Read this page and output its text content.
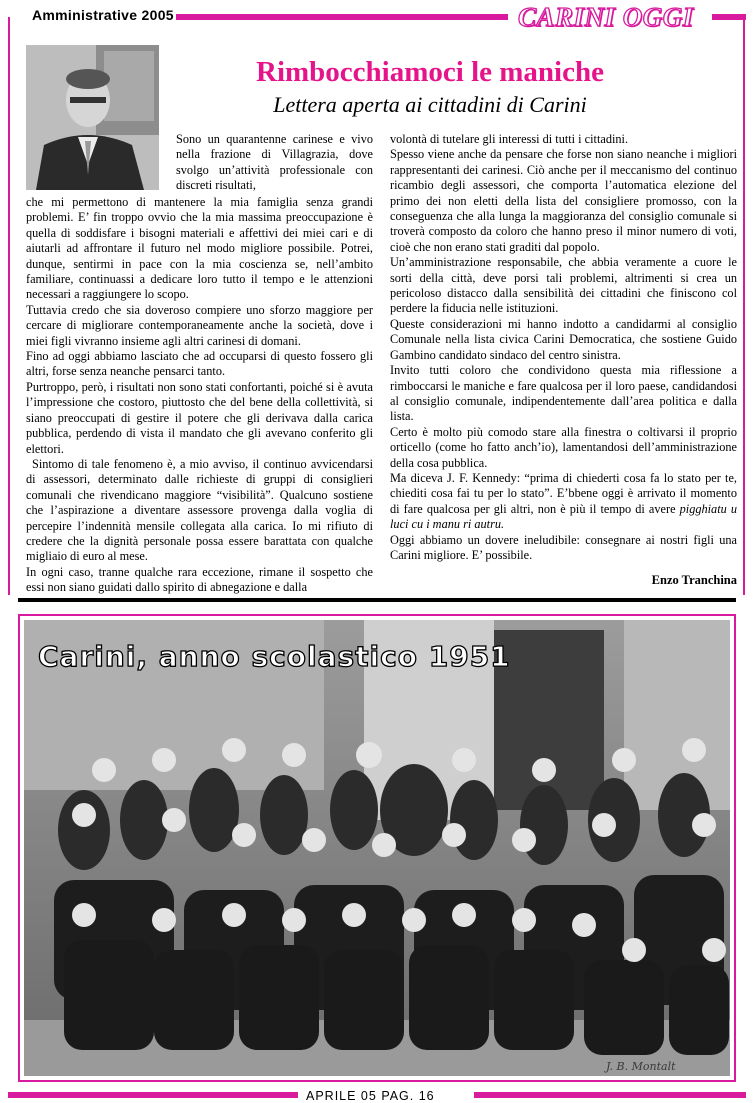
Amministrative 2005	CARINI OGGI
Rimbocchiamoci le maniche
Lettera aperta ai cittadini di Carini

Sono un quarantenne carinese e vivo nella frazione di Villagrazia, dove svolgo un’attività professionale con discreti risultati,

che mi permettono di mantenere la mia famiglia senza grandi problemi. E’ fin troppo ovvio che la mia massima preoccupazione è quella di soddisfare i bisogni materiali e affettivi dei miei cari e di aiutarli ad affrontare il futuro nel modo migliore possibile. Potrei, dunque, sentirmi in pace con la mia coscienza se, nell’ambito familiare, continuassi a dedicare loro tutto il tempo e le attenzioni necessari a raggiungere lo scopo.

Tuttavia credo che sia doveroso compiere uno sforzo maggiore per cercare di migliorare contemporaneamente anche la società, dove i miei figli vivranno insieme agli altri carinesi di domani.

Fino ad oggi abbiamo lasciato che ad occuparsi di questo fossero gli altri, forse senza neanche pensarci tanto.

Purtroppo, però, i risultati non sono stati confortanti, poiché si è avuta l’impressione che costoro, piuttosto che del bene della collettività, si siano preoccupati di gestire il potere che gli derivava dalla carica pubblica, perdendo di vista il mandato che gli avevano conferito gli elettori.

Sintomo di tale fenomeno è, a mio avviso, il continuo avvicendarsi di assessori, determinato dalle richieste di gruppi di consiglieri comunali che rivendicano maggiore “visibilità”. Qualcuno sostiene che l’aspirazione a diventare assessore provenga dalla voglia di percepire l’indennità mensile collegata alla carica. Io mi rifiuto di credere che la dignità personale possa essere barattata con qualche migliaio di euro al mese.

In ogni caso, tranne qualche rara eccezione, rimane il sospetto che essi non siano guidati dallo spirito di abnegazione e dalla

volontà di tutelare gli interessi di tutti i cittadini.

Spesso viene anche da pensare che forse non siano neanche i migliori rappresentanti dei carinesi. Ciò anche per il meccanismo del continuo ricambio degli assessori, che comporta l’automatica elezione del primo dei non eletti della lista del consigliere promosso, con la conseguenza che alla lunga la maggioranza del consiglio comunale si troverà composto da coloro che hanno preso il minor numero di voti, cioè che non erano stati graditi dal popolo.

Un’amministrazione responsabile, che abbia veramente a cuore le sorti della città, deve porsi tali problemi, altrimenti si crea un pericoloso distacco dalla sensibilità dei cittadini che finiscono col perdere la fiducia nelle istituzioni.

Queste considerazioni mi hanno indotto a candidarmi al consiglio Comunale nella lista civica Carini Democratica, che sostiene Guido Gambino candidato sindaco del centro sinistra.

Invito tutti coloro che condividono questa mia riflessione a rimboccarsi le maniche e fare qualcosa per il loro paese, candidandosi al consiglio comunale, indipendentemente dall’area politica e dalla lista.

Certo è molto più comodo stare alla finestra o coltivarsi il proprio orticello (come ho fatto anch’io), lamentandosi dell’amministrazione della cosa pubblica.

Ma diceva J. F. Kennedy: “prima di chiederti cosa fa lo stato per te, chiediti cosa fai tu per lo stato”. E’bbene oggi è arrivato il momento di fare qualcosa per gli altri, non è più il tempo di avere pigghiatu u luci cu i manu ri autru.

Oggi abbiamo un dovere ineludibile: consegnare ai nostri figli una Carini migliore. E’ possibile.

Enzo Tranchina
Carini, anno scolastico 1951
J. B. Montalt
APRILE 05 PAG. 16
